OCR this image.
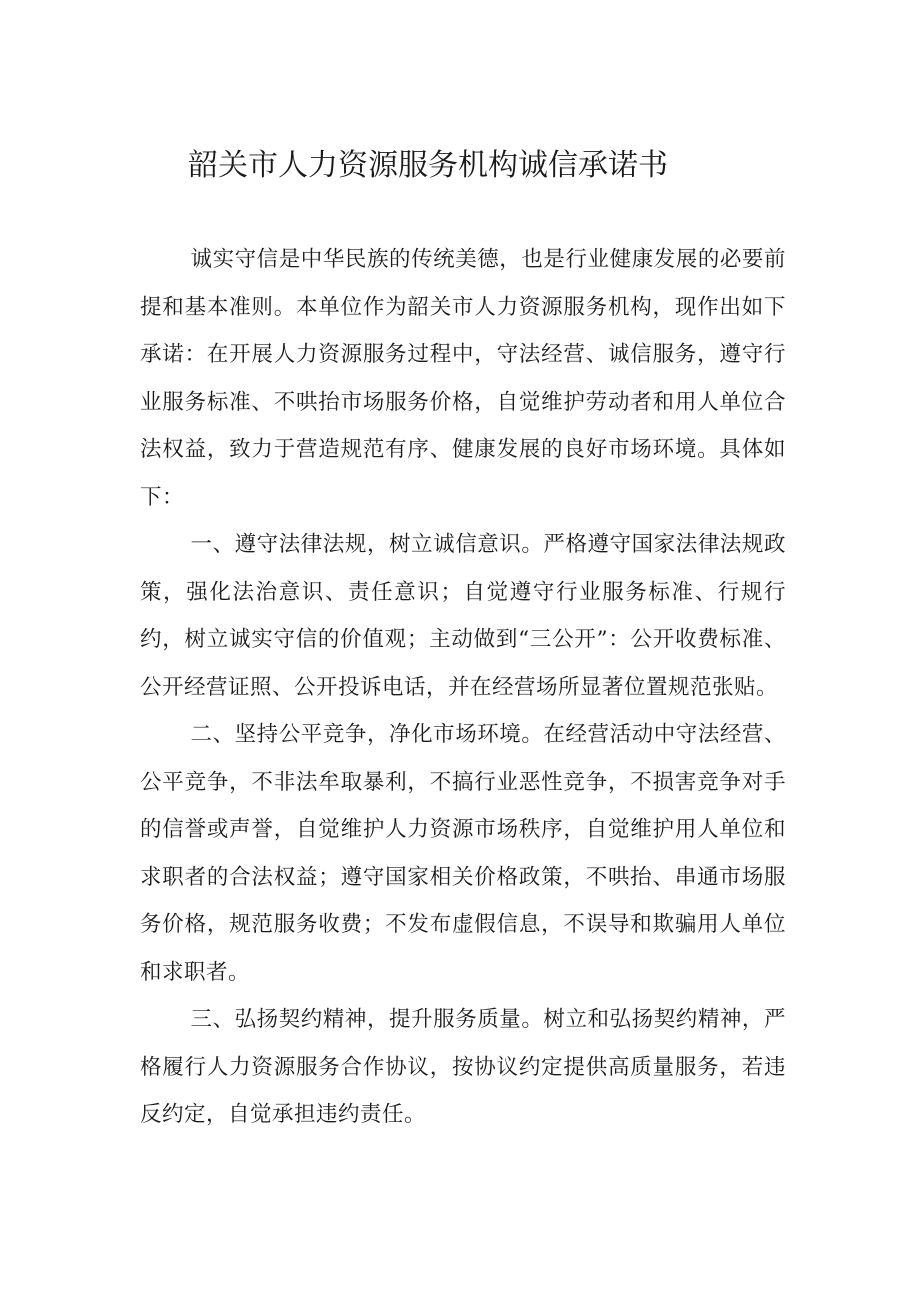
韶关市人力资源服务机构诚信承诺书

诚实守信是中华民族的传统美德，也是行业健康发展的必要前提和基本准则。本单位作为韶关市人力资源服务机构，现作出如下承诺：在开展人力资源服务过程中，守法经营、诚信服务，遵守行业服务标准、不哄抬市场服务价格，自觉维护劳动者和用人单位合法权益，致力于营造规范有序、健康发展的良好市场环境。具体如下：

一、遵守法律法规，树立诚信意识。严格遵守国家法律法规政策，强化法治意识、责任意识；自觉遵守行业服务标准、行规行约，树立诚实守信的价值观；主动做到“三公开”：公开收费标准、公开经营证照、公开投诉电话，并在经营场所显著位置规范张贴。

二、坚持公平竞争，净化市场环境。在经营活动中守法经营、公平竞争，不非法牟取暴利，不搞行业恶性竞争，不损害竞争对手的信誉或声誉，自觉维护人力资源市场秩序，自觉维护用人单位和求职者的合法权益；遵守国家相关价格政策，不哄抬、串通市场服务价格，规范服务收费；不发布虚假信息，不误导和欺骗用人单位和求职者。

三、弘扬契约精神，提升服务质量。树立和弘扬契约精神，严格履行人力资源服务合作协议，按协议约定提供高质量服务，若违反约定，自觉承担违约责任。
